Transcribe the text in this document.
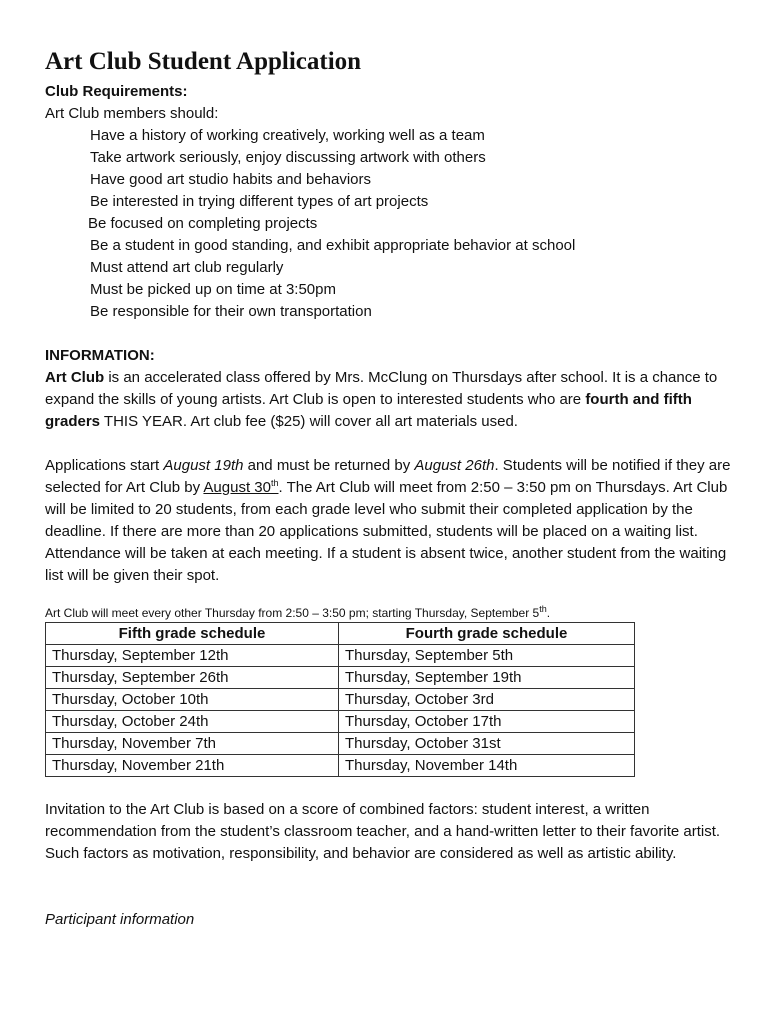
Art Club Student Application

Club Requirements:

Art Club members should:

Have a history of working creatively, working well as a team

Take artwork seriously, enjoy discussing artwork with others

Have good art studio habits and behaviors

Be interested in trying different types of art projects

Be focused on completing projects

Be a student in good standing, and exhibit appropriate behavior at school

Must attend art club regularly

Must be picked up on time at 3:50pm

Be responsible for their own transportation

INFORMATION:

Art Club is an accelerated class offered by Mrs. McClung on Thursdays after school. It is a chance to expand the skills of young artists. Art Club is open to interested students who are fourth and fifth graders THIS YEAR. Art club fee ($25) will cover all art materials used.

Applications start August 19th and must be returned by August 26th. Students will be notified if they are selected for Art Club by August 30th. The Art Club will meet from 2:50 – 3:50 pm on Thursdays. Art Club will be limited to 20 students, from each grade level who submit their completed application by the deadline. If there are more than 20 applications submitted, students will be placed on a waiting list. Attendance will be taken at each meeting. If a student is absent twice, another student from the waiting list will be given their spot.

Art Club will meet every other Thursday from 2:50 – 3:50 pm; starting Thursday, September 5th.

Fifth grade schedule	Fourth grade schedule
Thursday, September 12th	Thursday, September 5th
Thursday, September 26th	Thursday, September 19th
Thursday, October 10th	Thursday, October 3rd
Thursday, October 24th	Thursday, October 17th
Thursday, November 7th	Thursday, October 31st
Thursday, November 21th	Thursday, November 14th

Invitation to the Art Club is based on a score of combined factors: student interest, a written recommendation from the student’s classroom teacher, and a hand-written letter to their favorite artist. Such factors as motivation, responsibility, and behavior are considered as well as artistic ability.

Participant information
